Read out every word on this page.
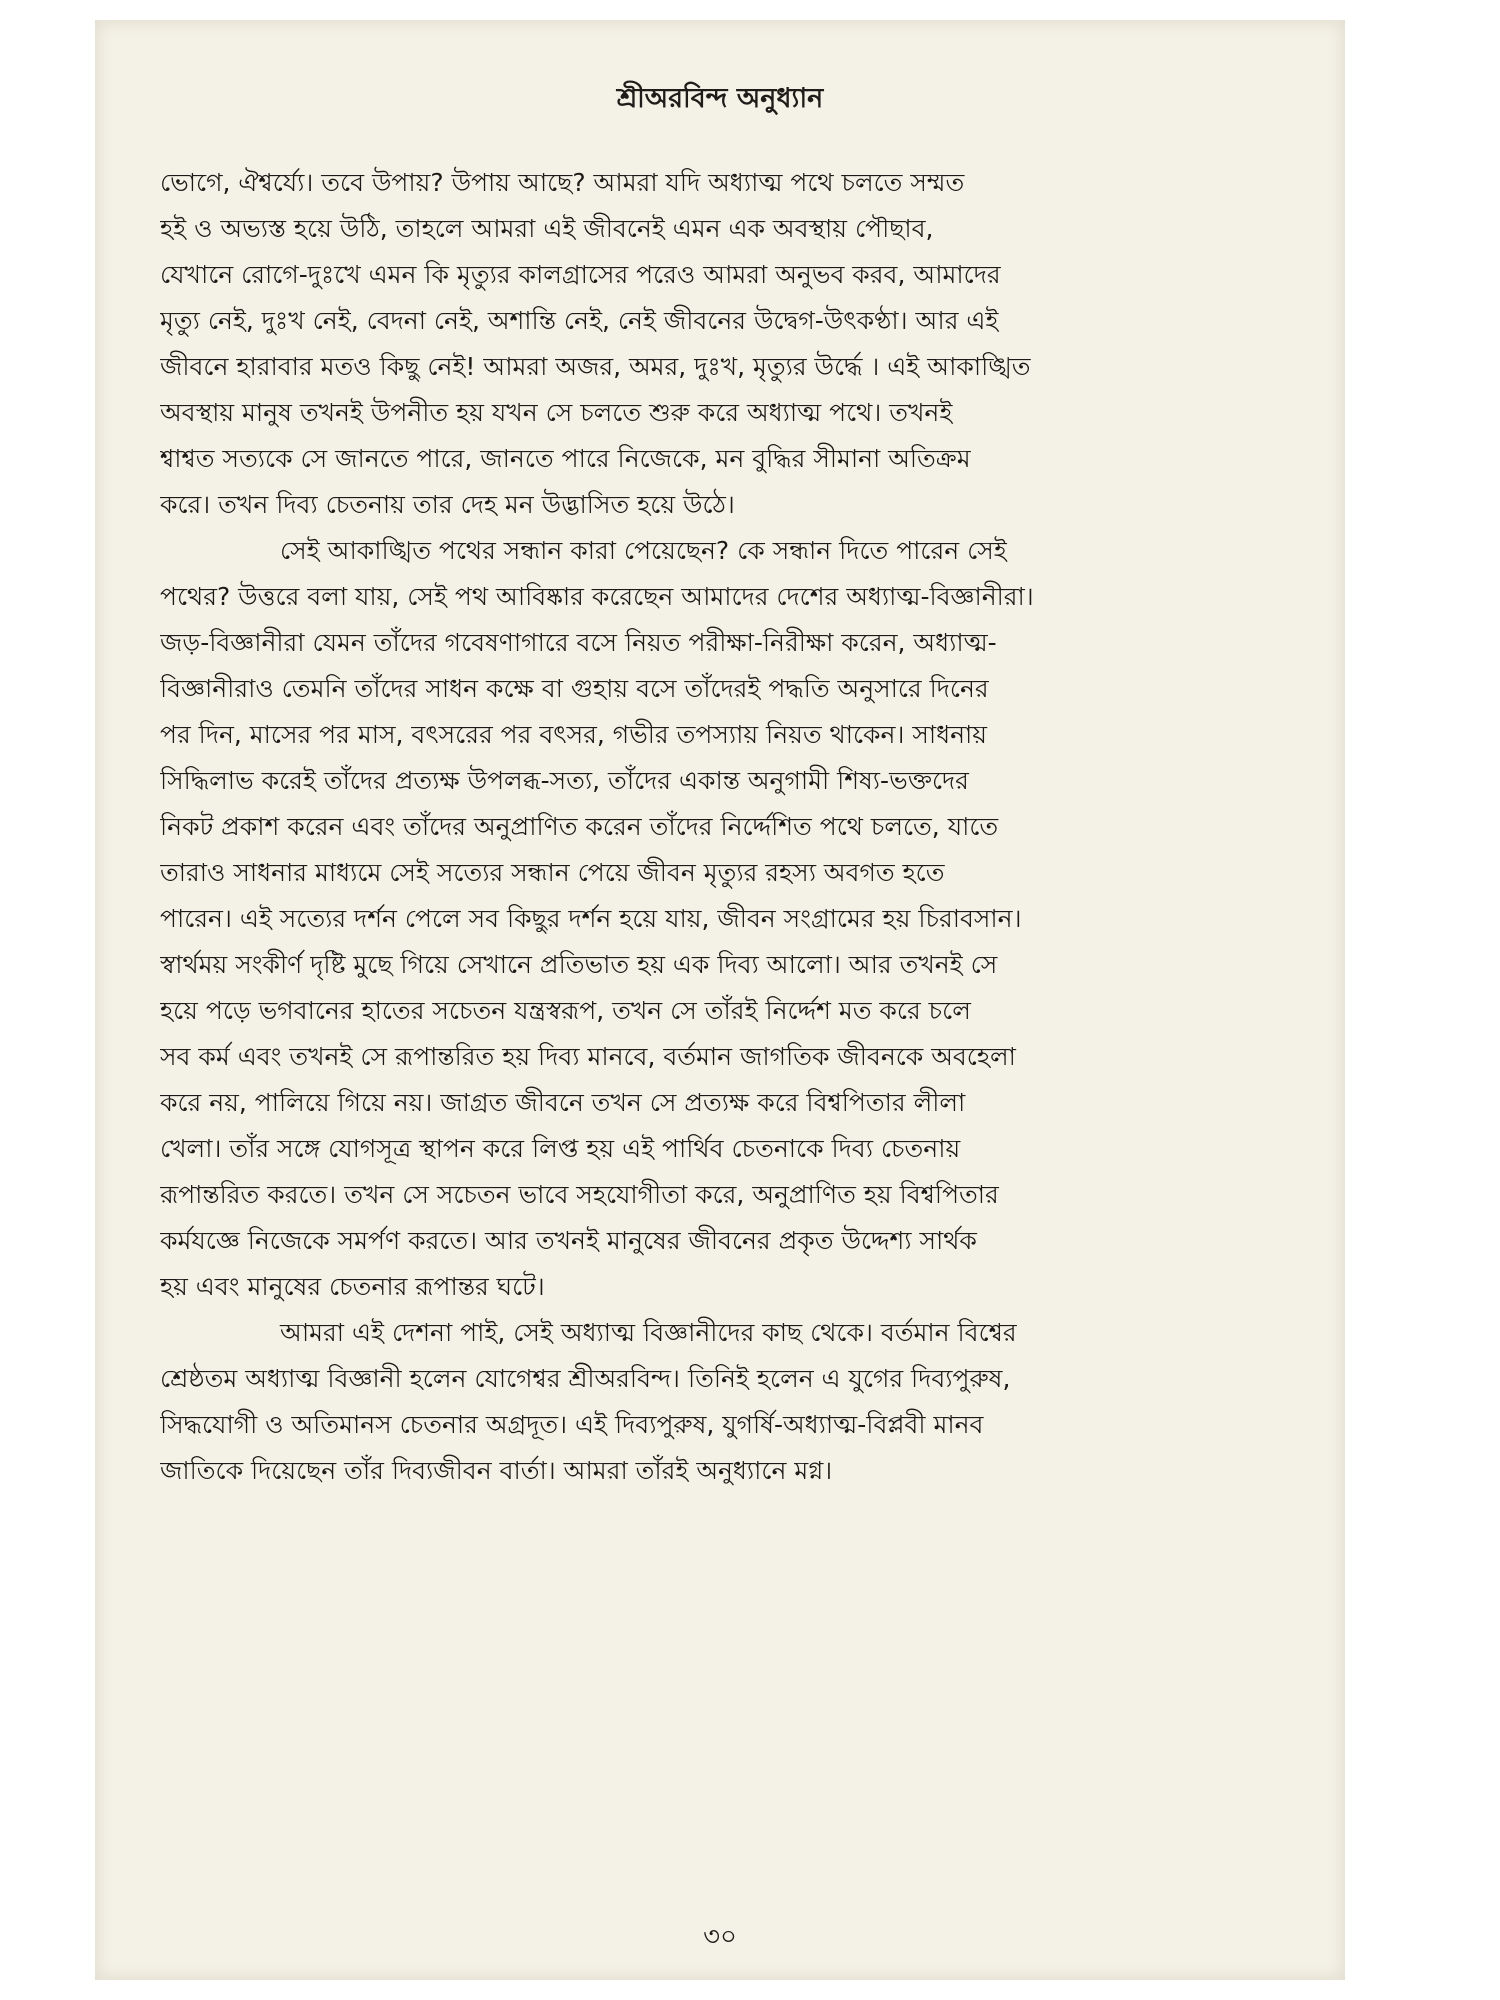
শ্রীঅরবিন্দ অনুধ্যান
ভোগে, ঐশ্বর্য্যে। তবে উপায়? উপায় আছে? আমরা যদি অধ্যাত্ম পথে চলতে সম্মত
হই ও অভ্যস্ত হয়ে উঠি, তাহলে আমরা এই জীবনেই এমন এক অবস্থায় পৌছাব,
যেখানে রোগে-দুঃখে এমন কি মৃত্যুর কালগ্রাসের পরেও আমরা অনুভব করব, আমাদের
মৃত্যু নেই, দুঃখ নেই, বেদনা নেই, অশান্তি নেই, নেই জীবনের উদ্বেগ-উৎকণ্ঠা। আর এই
জীবনে হারাবার মতও কিছু নেই! আমরা অজর, অমর, দুঃখ, মৃত্যুর উর্দ্ধে । এই আকাঙ্খিত
অবস্থায় মানুষ তখনই উপনীত হয় যখন সে চলতে শুরু করে অধ্যাত্ম পথে। তখনই
শ্বাশ্বত সত্যকে সে জানতে পারে, জানতে পারে নিজেকে, মন বুদ্ধির সীমানা অতিক্রম
করে। তখন দিব্য চেতনায় তার দেহ মন উদ্ভাসিত হয়ে উঠে।
সেই আকাঙ্খিত পথের সন্ধান কারা পেয়েছেন? কে সন্ধান দিতে পারেন সেই
পথের? উত্তরে বলা যায়, সেই পথ আবিষ্কার করেছেন আমাদের দেশের অধ্যাত্ম-বিজ্ঞানীরা।
জড়-বিজ্ঞানীরা যেমন তাঁদের গবেষণাগারে বসে নিয়ত পরীক্ষা-নিরীক্ষা করেন, অধ্যাত্ম-
বিজ্ঞানীরাও তেমনি তাঁদের সাধন কক্ষে বা গুহায় বসে তাঁদেরই পদ্ধতি অনুসারে দিনের
পর দিন, মাসের পর মাস, বৎসরের পর বৎসর, গভীর তপস্যায় নিয়ত থাকেন। সাধনায়
সিদ্ধিলাভ করেই তাঁদের প্রত্যক্ষ উপলব্ধ-সত্য, তাঁদের একান্ত অনুগামী শিষ্য-ভক্তদের
নিকট প্রকাশ করেন এবং তাঁদের অনুপ্রাণিত করেন তাঁদের নির্দ্দেশিত পথে চলতে, যাতে
তারাও সাধনার মাধ্যমে সেই সত্যের সন্ধান পেয়ে জীবন মৃত্যুর রহস্য অবগত হতে
পারেন। এই সত্যের দর্শন পেলে সব কিছুর দর্শন হয়ে যায়, জীবন সংগ্রামের হয় চিরাবসান।
স্বার্থময় সংকীর্ণ দৃষ্টি মুছে গিয়ে সেখানে প্রতিভাত হয় এক দিব্য আলো। আর তখনই সে
হয়ে পড়ে ভগবানের হাতের সচেতন যন্ত্রস্বরূপ, তখন সে তাঁরই নির্দ্দেশ মত করে চলে
সব কর্ম এবং তখনই সে রূপান্তরিত হয় দিব্য মানবে, বর্তমান জাগতিক জীবনকে অবহেলা
করে নয়, পালিয়ে গিয়ে নয়। জাগ্রত জীবনে তখন সে প্রত্যক্ষ করে বিশ্বপিতার লীলা
খেলা। তাঁর সঙ্গে যোগসূত্র স্থাপন করে লিপ্ত হয় এই পার্থিব চেতনাকে দিব্য চেতনায়
রূপান্তরিত করতে। তখন সে সচেতন ভাবে সহযোগীতা করে, অনুপ্রাণিত হয় বিশ্বপিতার
কর্মযজ্ঞে নিজেকে সমর্পণ করতে। আর তখনই মানুষের জীবনের প্রকৃত উদ্দেশ্য সার্থক
হয় এবং মানুষের চেতনার রূপান্তর ঘটে।
আমরা এই দেশনা পাই, সেই অধ্যাত্ম বিজ্ঞানীদের কাছ থেকে। বর্তমান বিশ্বের
শ্রেষ্ঠতম অধ্যাত্ম বিজ্ঞানী হলেন যোগেশ্বর শ্রীঅরবিন্দ। তিনিই হলেন এ যুগের দিব্যপুরুষ,
সিদ্ধযোগী ও অতিমানস চেতনার অগ্রদূত। এই দিব্যপুরুষ, যুগর্ষি-অধ্যাত্ম-বিপ্লবী মানব
জাতিকে দিয়েছেন তাঁর দিব্যজীবন বার্তা। আমরা তাঁরই অনুধ্যানে মগ্ন।
৩০
